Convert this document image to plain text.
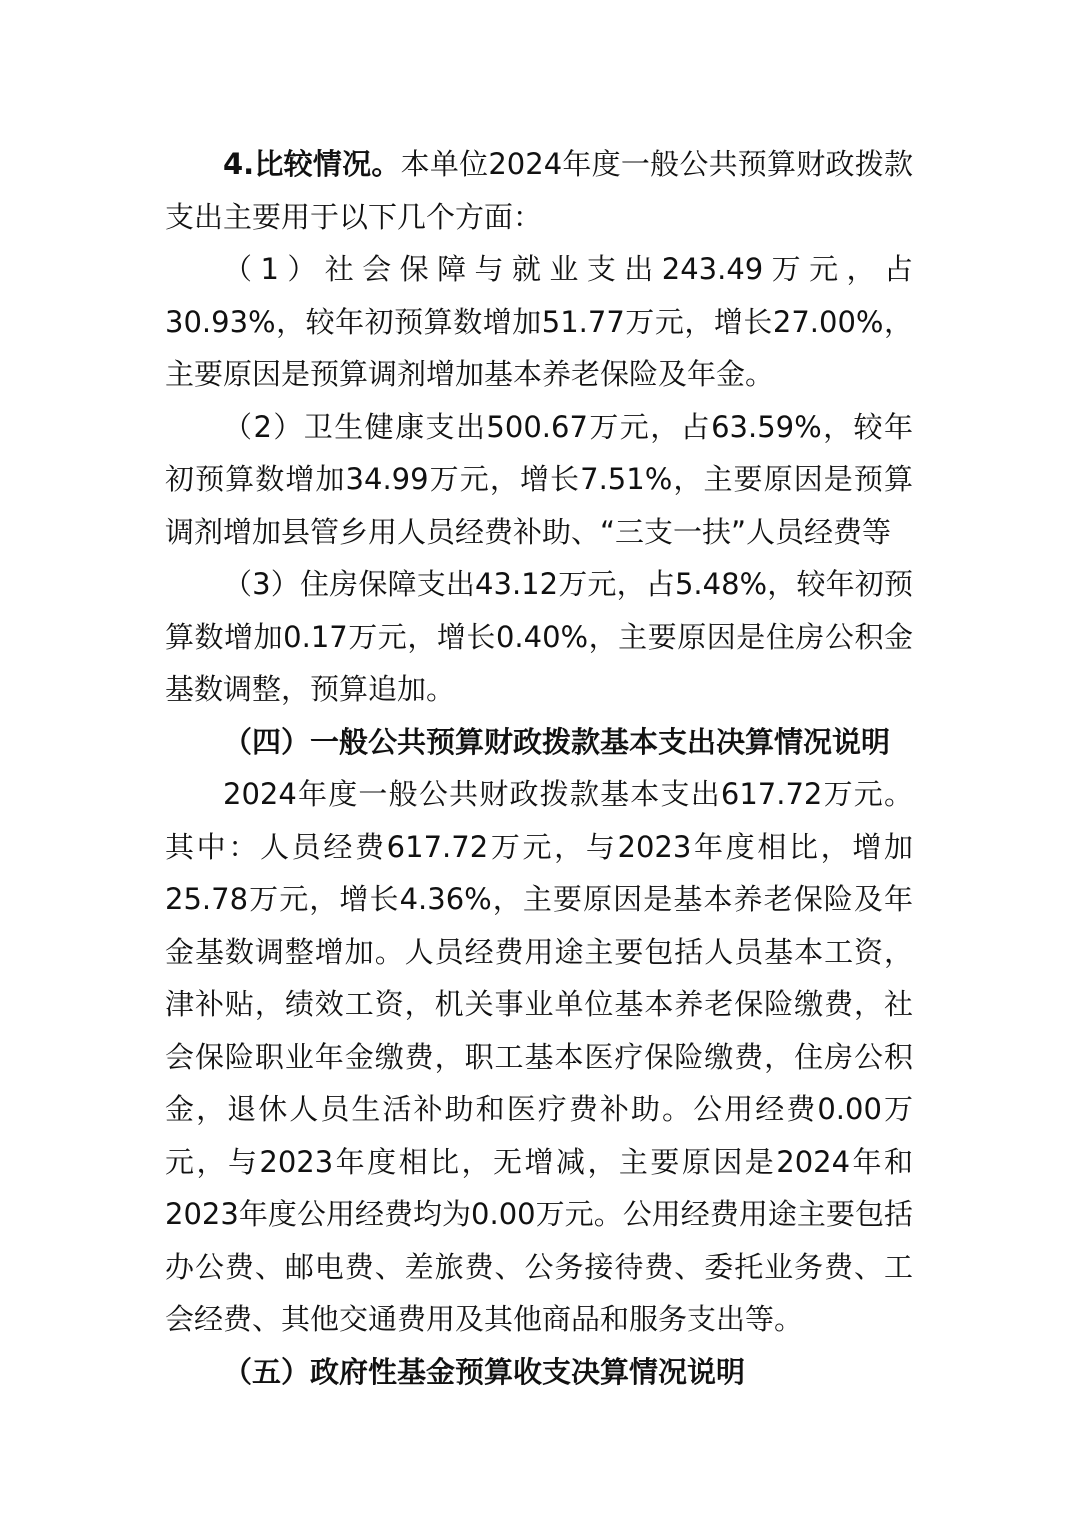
4.比较情况。本单位2024年度一般公共预算财政拨款支出主要用于以下几个方面：

（1）社会保障与就业支出243.49万元，占30.93%，较年初预算数增加51.77万元，增长27.00%，主要原因是预算调剂增加基本养老保险及年金。

（2）卫生健康支出500.67万元，占63.59%，较年初预算数增加34.99万元，增长7.51%，主要原因是预算调剂增加县管乡用人员经费补助、“三支一扶”人员经费等

（3）住房保障支出43.12万元，占5.48%，较年初预算数增加0.17万元，增长0.40%，主要原因是住房公积金基数调整，预算追加。

（四）一般公共预算财政拨款基本支出决算情况说明

2024年度一般公共财政拨款基本支出617.72万元。其中：人员经费617.72万元，与2023年度相比，增加25.78万元，增长4.36%，主要原因是基本养老保险及年金基数调整增加。人员经费用途主要包括人员基本工资，津补贴，绩效工资，机关事业单位基本养老保险缴费，社会保险职业年金缴费，职工基本医疗保险缴费，住房公积金，退休人员生活补助和医疗费补助。公用经费0.00万元，与2023年度相比，无增减，主要原因是2024年和2023年度公用经费均为0.00万元。公用经费用途主要包括办公费、邮电费、差旅费、公务接待费、委托业务费、工会经费、其他交通费用及其他商品和服务支出等。

（五）政府性基金预算收支决算情况说明
